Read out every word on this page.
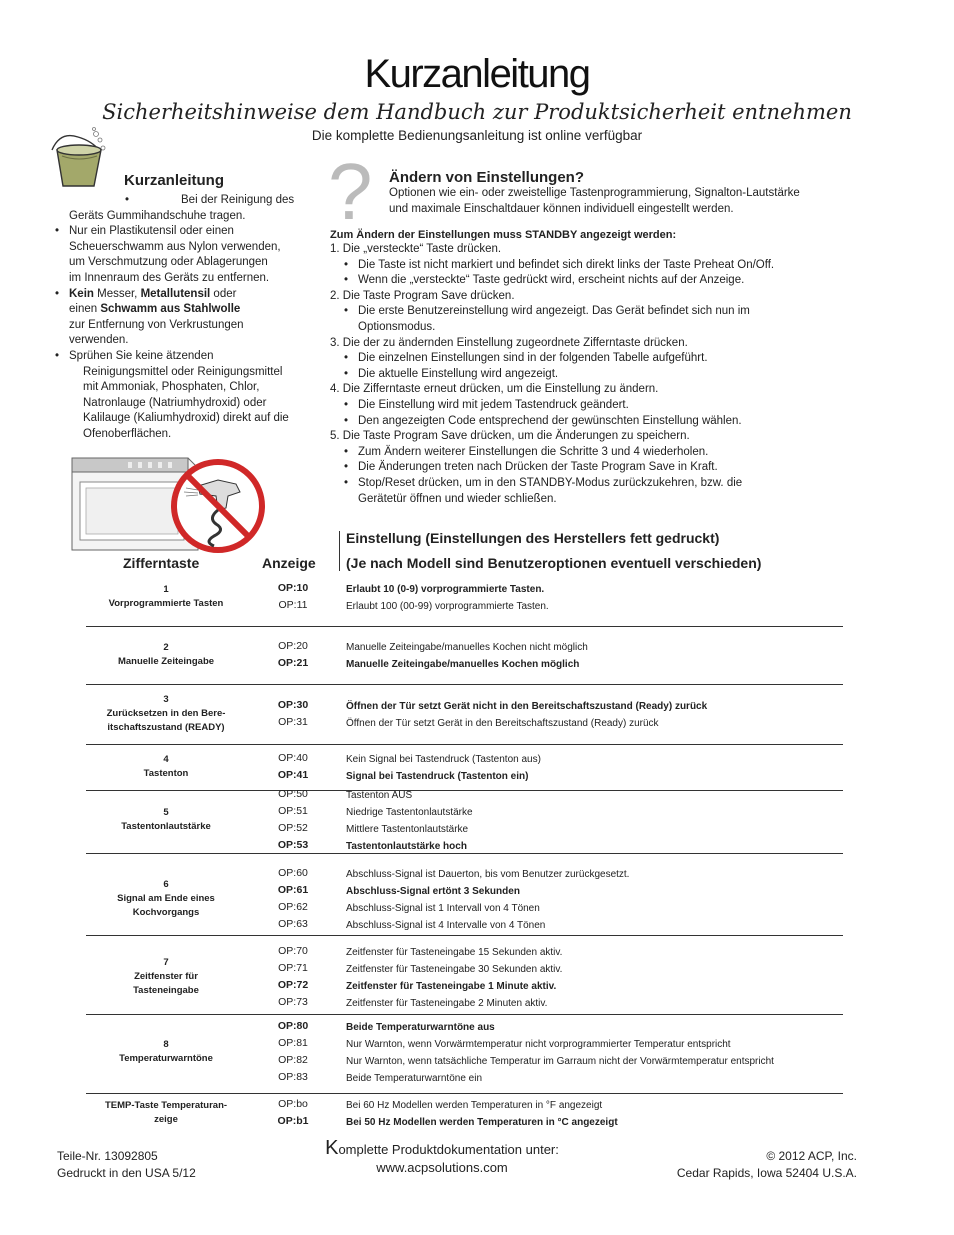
Kurzanleitung
Sicherheitshinweise dem Handbuch zur Produktsicherheit entnehmen
Die komplette Bedienungsanleitung ist online verfügbar
Kurzanleitung

•	Bei der Reinigung des

Geräts Gummihandschuhe tragen.

• Nur ein Plastikutensil oder einen

Scheuerschwamm aus Nylon verwenden,

um Verschmutzung oder Ablagerungen

im Innenraum des Geräts zu entfernen.

• Kein Messer, Metallutensil oder

einen Schwamm aus Stahlwolle

zur Entfernung von Verkrustungen

verwenden.

• Sprühen Sie keine ätzenden

Reinigungsmittel oder Reinigungsmittel

mit Ammoniak, Phosphaten, Chlor,

Natronlauge (Natriumhydroxid) oder

Kalilauge (Kaliumhydroxid) direkt auf die

Ofenoberflächen.

? Ändern von Einstellungen?

Optionen wie ein- oder zweistellige Tastenprogrammierung, Signalton-Lautstärke

und maximale Einschaltdauer können individuell eingestellt werden.

Zum Ändern der Einstellungen muss STANDBY angezeigt werden:

1. Die „versteckte“ Taste drücken.

• Die Taste ist nicht markiert und befindet sich direkt links der Taste Preheat On/Off.

• Wenn die „versteckte“ Taste gedrückt wird, erscheint nichts auf der Anzeige.

2. Die Taste Program Save drücken.

• Die erste Benutzereinstellung wird angezeigt. Das Gerät befindet sich nun im

Optionsmodus.

3. Die der zu ändernden Einstellung zugeordnete Zifferntaste drücken.

• Die einzelnen Einstellungen sind in der folgenden Tabelle aufgeführt.

• Die aktuelle Einstellung wird angezeigt.

4. Die Zifferntaste erneut drücken, um die Einstellung zu ändern.

• Die Einstellung wird mit jedem Tastendruck geändert.

• Den angezeigten Code entsprechend der gewünschten Einstellung wählen.

5. Die Taste Program Save drücken, um die Änderungen zu speichern.

• Zum Ändern weiterer Einstellungen die Schritte 3 und 4 wiederholen.

• Die Änderungen treten nach Drücken der Taste Program Save in Kraft.

• Stop/Reset drücken, um in den STANDBY-Modus zurückzukehren, bzw. die

Gerätetür öffnen und wieder schließen.

Einstellung (Einstellungen des Herstellers fett gedruckt)
(Je nach Modell sind Benutzeroptionen eventuell verschieden)
Zifferntaste	Anzeige
1
Vorprogrammierte Tasten
OP:10	Erlaubt 10 (0-9) vorprogrammierte Tasten.
OP:11	Erlaubt 100 (00-99) vorprogrammierte Tasten.
2
Manuelle Zeiteingabe
OP:20	Manuelle Zeiteingabe/manuelles Kochen nicht möglich
OP:21	Manuelle Zeiteingabe/manuelles Kochen möglich
3
Zurücksetzen in den Bere-
itschaftszustand (READY)
OP:30	Öffnen der Tür setzt Gerät nicht in den Bereitschaftszustand (Ready) zurück
OP:31	Öffnen der Tür setzt Gerät in den Bereitschaftszustand (Ready) zurück
4
Tastenton
OP:40	Kein Signal bei Tastendruck (Tastenton aus)
OP:41	Signal bei Tastendruck (Tastenton ein)
5
Tastentonlautstärke
OP:50	Tastenton AUS
OP:51	Niedrige Tastentonlautstärke
OP:52	Mittlere Tastentonlautstärke
OP:53	Tastentonlautstärke hoch
6
Signal am Ende eines
Kochvorgangs
OP:60	Abschluss-Signal ist Dauerton, bis vom Benutzer zurückgesetzt.
OP:61	Abschluss-Signal ertönt 3 Sekunden
OP:62	Abschluss-Signal ist 1 Intervall von 4 Tönen
OP:63	Abschluss-Signal ist 4 Intervalle von 4 Tönen
7
Zeitfenster für
Tasteneingabe
OP:70	Zeitfenster für Tasteneingabe 15 Sekunden aktiv.
OP:71	Zeitfenster für Tasteneingabe 30 Sekunden aktiv.
OP:72	Zeitfenster für Tasteneingabe 1 Minute aktiv.
OP:73	Zeitfenster für Tasteneingabe 2 Minuten aktiv.
8
Temperaturwarntöne
OP:80	Beide Temperaturwarntöne aus
OP:81	Nur Warnton, wenn Vorwärmtemperatur nicht vorprogrammierter Temperatur entspricht
OP:82	Nur Warnton, wenn tatsächliche Temperatur im Garraum nicht der Vorwärmtemperatur entspricht
OP:83	Beide Temperaturwarntöne ein
TEMP-Taste Temperaturan-
zeige
OP:bo	Bei 60 Hz Modellen werden Temperaturen in °F angezeigt
OP:b1	Bei 50 Hz Modellen werden Temperaturen in °C angezeigt
Teile-Nr. 13092805
Gedruckt in den USA 5/12
Komplette Produktdokumentation unter:
www.acpsolutions.com
© 2012 ACP, Inc.
Cedar Rapids, Iowa 52404 U.S.A.
